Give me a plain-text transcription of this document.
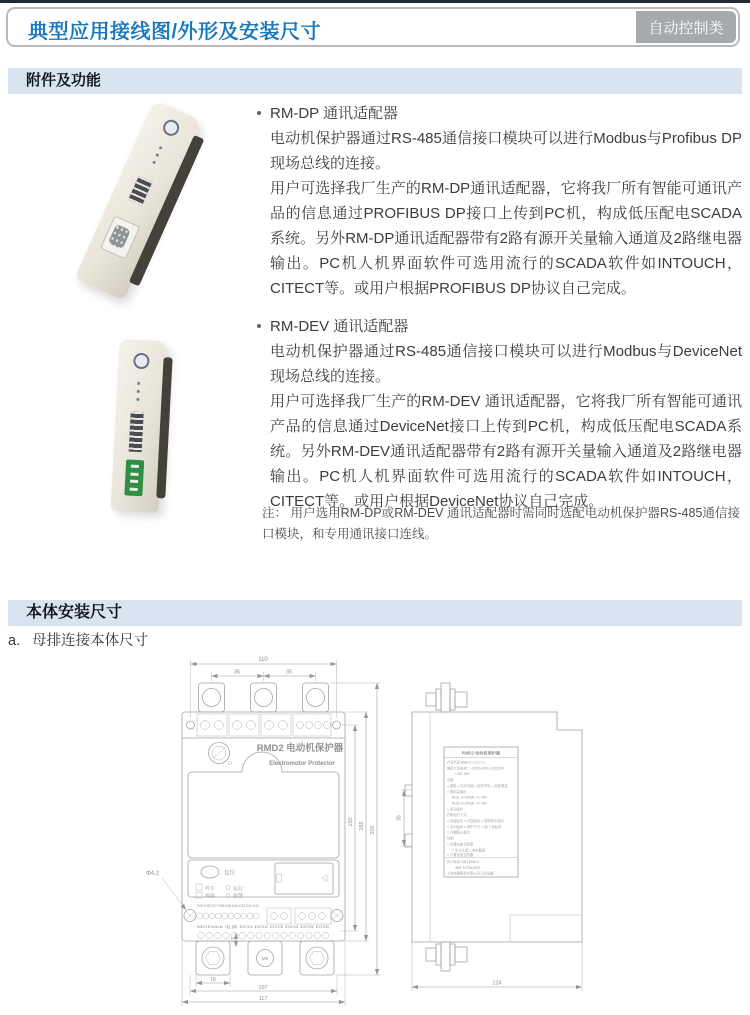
典型应用接线图/外形及安装尺寸	自动控制类
附件及功能
RM-DP 通讯适配器

电动机保护器通过RS-485通信接口模块可以进行Modbus与Profibus DP现场总线的连接。

用户可选择我厂生产的RM-DP通讯适配器，它将我厂所有智能可通讯产品的信息通过PROFIBUS DP接口上传到PC机，构成低压配电SCADA系统。另外RM-DP通讯适配器带有2路有源开关量输入通道及2路继电器输出。PC机人机界面软件可选用流行的SCADA软件如INTOUCH，CITECT等。或用户根据PROFIBUS DP协议自己完成。

RM-DEV 通讯适配器

电动机保护器通过RS-485通信接口模块可以进行Modbus与DeviceNet现场总线的连接。

用户可选择我厂生产的RM-DEV 通讯适配器，它将我厂所有智能可通讯产品的信息通过DeviceNet接口上传到PC机，构成低压配电SCADA系统。另外RM-DEV通讯适配器带有2路有源开关量输入通道及2路继电器输出。PC机人机界面软件可选用流行的SCADA软件如INTOUCH，CITECT等。或用户根据DeviceNet协议自己完成。

注： 用户选用RM-DP或RM-DEV 通讯适配器时需同时选配电动机保护器RS-485通信接口模块，和专用通讯接口连线。

本体安装尺寸
a. 母排连接本体尺寸
RMD2 电动机保护器
Electromotor Protector
复位
停车	运行
故障	报警
DI9 DI8 DI7 DI6 DI5 DI4 DI3 DI2 DI1
MODbus 电源 DO1 DO2 DO3 DO4 DO5 DO6
M6
110
35	35
150 165 202
Φ4.2
7.5
18
107
117
RMD2 电动机保护器
产品代码 RMD 2-□□/□□□□
辅助工作电源 □ ~220V±10% / DC220V
□ DC 24V
功能
□ 漏电 □ 电压功能 □ 经济节电 □ 温度测量
□ 模拟量输出
AO1□ 4~20mA □ 0~10V
AO2□ 4~20mA □ 0~10V
□ 差动保护
控制运行方式
□ 直接起动 □ 可逆起动 □ 电阻降压起动
□ 双向起动 □ 保护方式 □ 星/三角起动
□ 自耦降压起动
结构
□ 内置电流互感器
□ 穿芯孔道 □ 电抗器道
□ 外置电流互感器
执行标准 GB 14048.4
JB/T 10736-2007
上海电器股份有限公司人民电器厂
35
124
